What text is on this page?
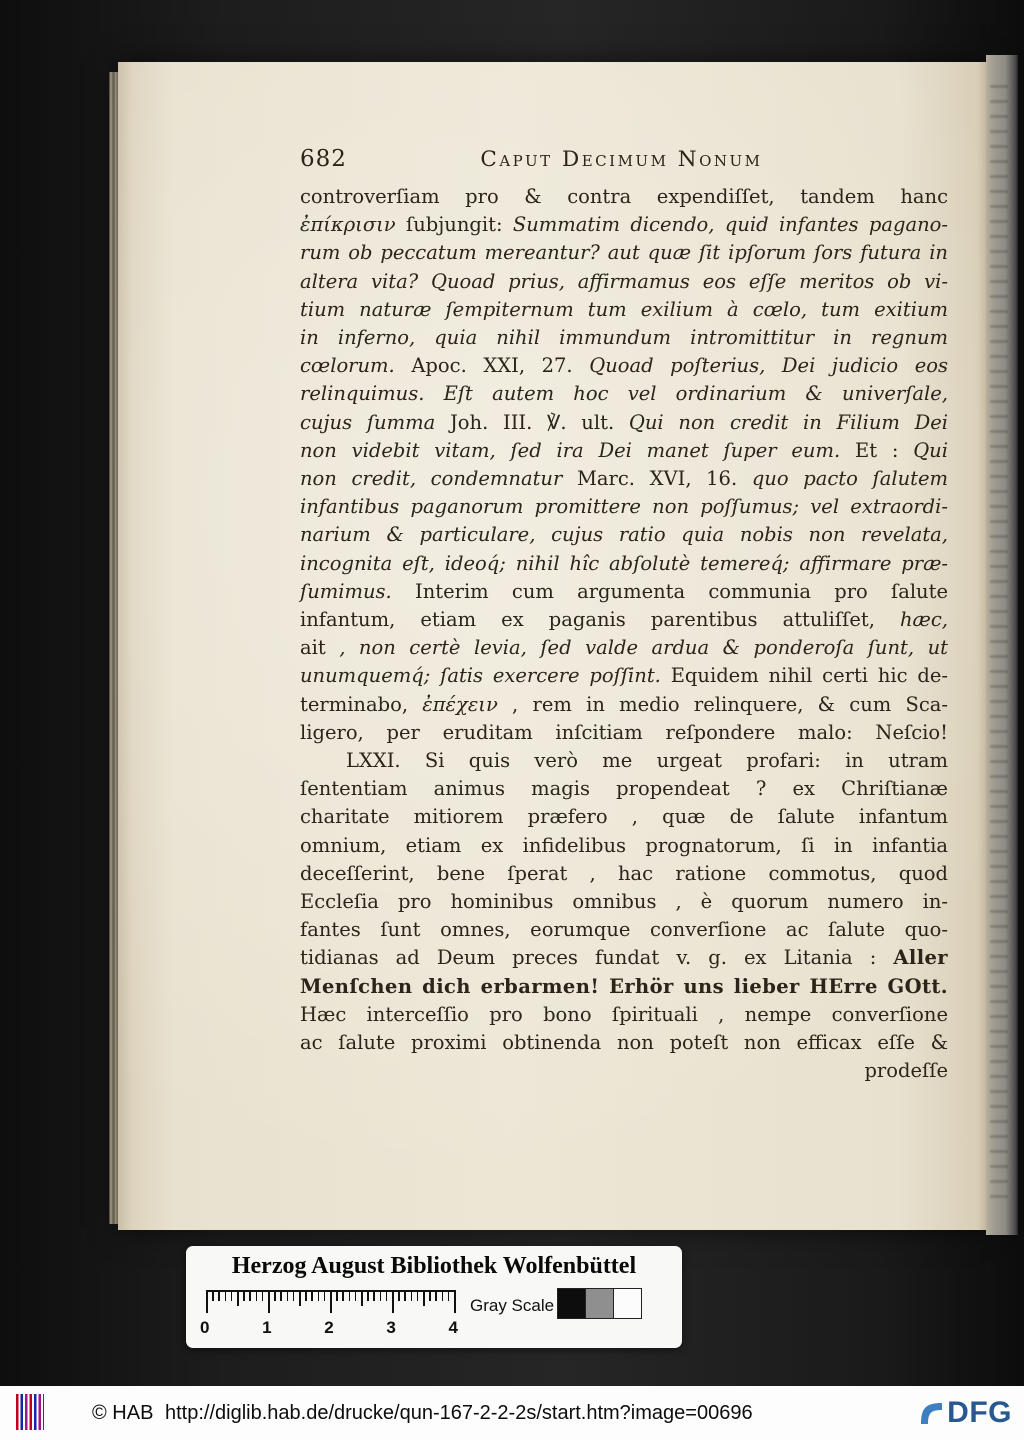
682	Caput Decimum Nonum
controverſiam pro & contra expendiſſet, tandem hanc
ἐπίκρισιν ſubjungit: Summatim dicendo, quid infantes pagano-
rum ob peccatum mereantur? aut quæ ſit ipſorum ſors futura in
altera vita? Quoad prius, affirmamus eos eſſe meritos ob vi-
tium naturæ ſempiternum tum exilium à cœlo, tum exitium
in inferno, quia nihil immundum intromittitur in regnum
cœlorum. Apoc. XXI, 27. Quoad poſterius, Dei judicio eos
relinquimus. Eſt autem hoc vel ordinarium & univerſale,
cujus ſumma Joh. III. ℣. ult. Qui non credit in Filium Dei
non videbit vitam, ſed ira Dei manet ſuper eum. Et : Qui
non credit, condemnatur Marc. XVI, 16. quo pacto ſalutem
infantibus paganorum promittere non poſſumus; vel extraordi-
narium & particulare, cujus ratio quia nobis non revelata,
incognita eſt, ideoq́; nihil hîc abſolutè temereq́; affirmare præ-
ſumimus. Interim cum argumenta communia pro ſalute
infantum, etiam ex paganis parentibus attuliſſet, hæc,
ait , non certè levia, ſed valde ardua & ponderoſa ſunt, ut
unumquemq́; ſatis exercere poſſint. Equidem nihil certi hic de-
terminabo, ἐπέχειν , rem in medio relinquere, & cum Sca-
ligero, per eruditam inſcitiam reſpondere malo: Neſcio!
LXXI. Si quis verò me urgeat profari: in utram
ſententiam animus magis propendeat ? ex Chriſtianæ
charitate mitiorem præfero , quæ de ſalute infantum
omnium, etiam ex infidelibus prognatorum, ſi in infantia
deceſſerint, bene ſperat , hac ratione commotus, quod
Eccleſia pro hominibus omnibus , è quorum numero in-
fantes ſunt omnes, eorumque converſione ac ſalute quo-
tidianas ad Deum preces fundat v. g. ex Litania : Aller
Menſchen dich erbarmen! Erhör uns lieber HErre GOtt.
Hæc interceſſio pro bono ſpirituali , nempe converſione
ac ſalute proximi obtinenda non poteſt non efficax eſſe &
prodeſſe
Herzog August Bibliothek Wolfenbüttel
0	1	2	3	4
Gray Scale
© HAB http://diglib.hab.de/drucke/qun-167-2-2-2s/start.htm?image=00696	DFG
